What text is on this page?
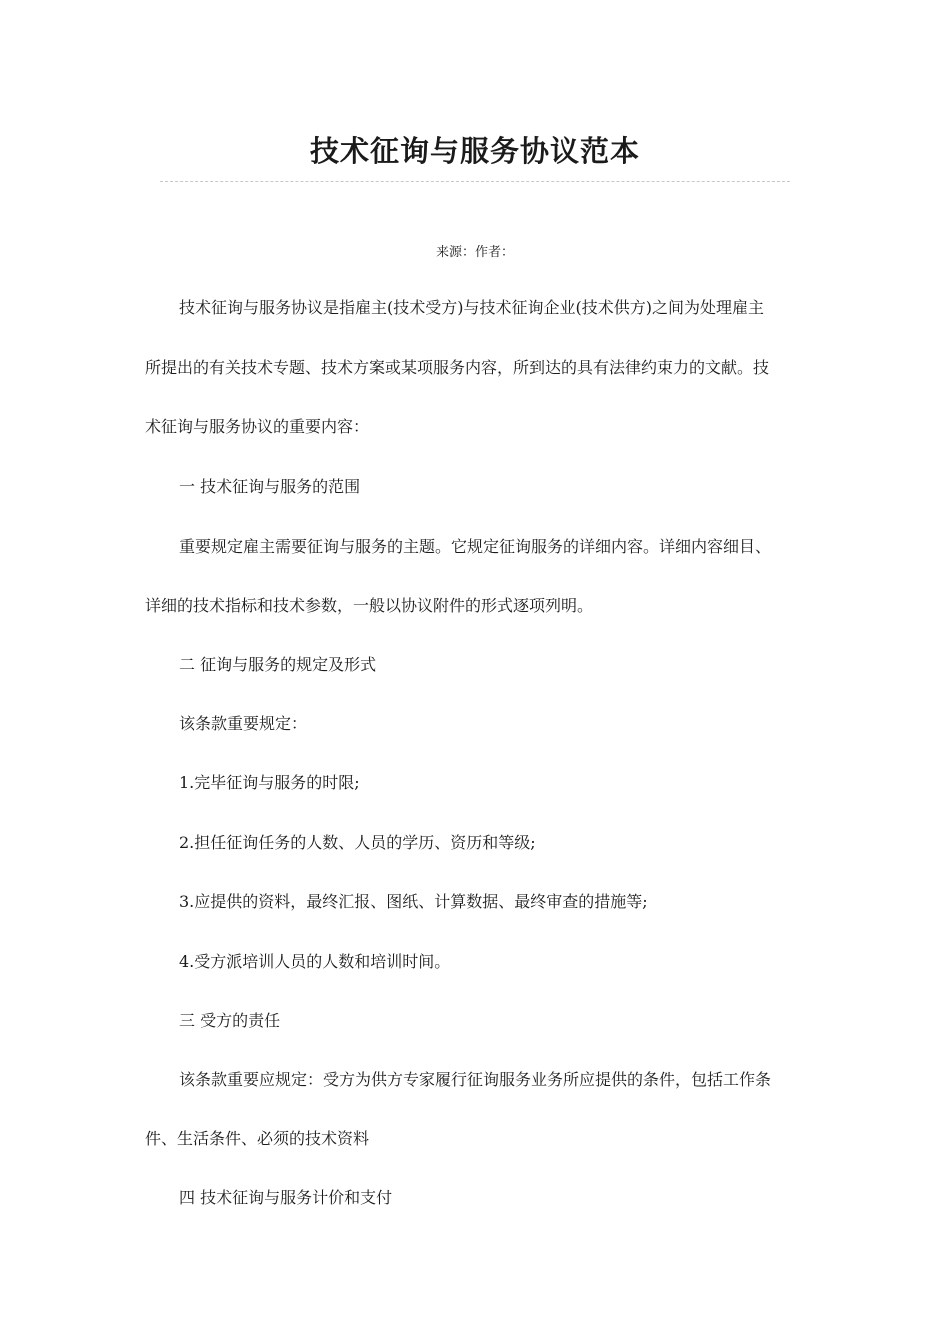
技术征询与服务协议范本
来源：作者：
技术征询与服务协议是指雇主(技术受方)与技术征询企业(技术供方)之间为处理雇主
所提出的有关技术专题、技术方案或某项服务内容，所到达的具有法律约束力的文献。技
术征询与服务协议的重要内容：
一 技术征询与服务的范围
重要规定雇主需要征询与服务的主题。它规定征询服务的详细内容。详细内容细目、
详细的技术指标和技术参数，一般以协议附件的形式逐项列明。
二 征询与服务的规定及形式
该条款重要规定：
1.完毕征询与服务的时限;
2.担任征询任务的人数、人员的学历、资历和等级;
3.应提供的资料，最终汇报、图纸、计算数据、最终审查的措施等;
4.受方派培训人员的人数和培训时间。
三 受方的责任
该条款重要应规定：受方为供方专家履行征询服务业务所应提供的条件，包括工作条
件、生活条件、必须的技术资料
四 技术征询与服务计价和支付
